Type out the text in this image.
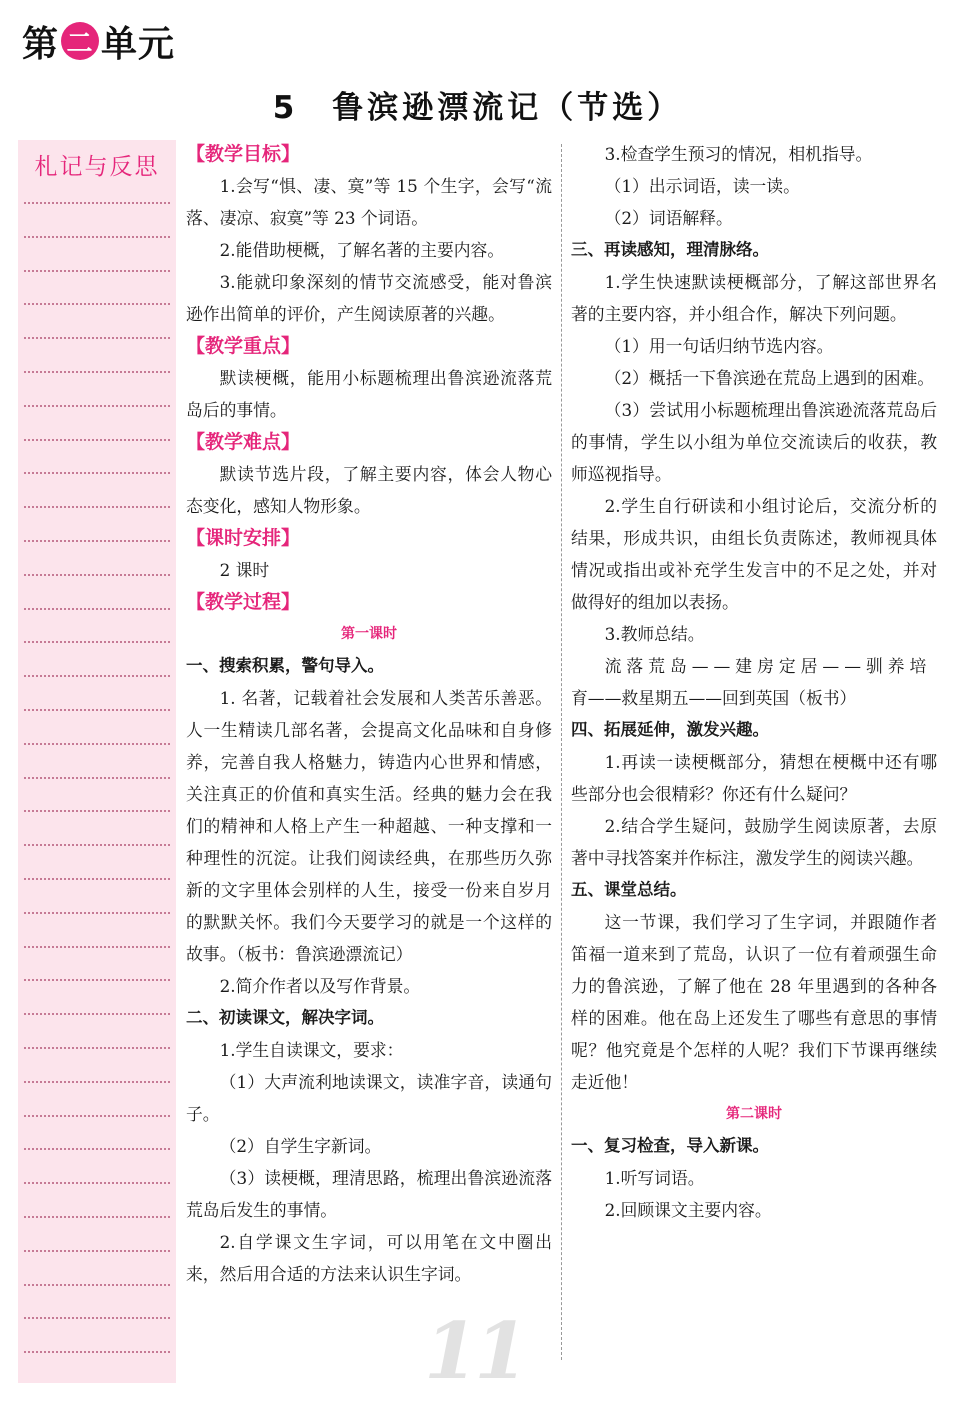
第 二 单元
5 鲁滨逊漂流记（节选）
札记与反思	【教学目标】

1.会写“惧、凄、寞”等 15 个生字，会写“流落、凄凉、寂寞”等 23 个词语。

2.能借助梗概，了解名著的主要内容。

3.能就印象深刻的情节交流感受，能对鲁滨逊作出简单的评价，产生阅读原著的兴趣。

【教学重点】

默读梗概，能用小标题梳理出鲁滨逊流落荒岛后的事情。

【教学难点】

默读节选片段，了解主要内容，体会人物心态变化，感知人物形象。

【课时安排】

2 课时

【教学过程】
第一课时
一、搜索积累，警句导入。

1. 名著，记载着社会发展和人类苦乐善恶。人一生精读几部名著，会提高文化品味和自身修养，完善自我人格魅力，铸造内心世界和情感，关注真正的价值和真实生活。经典的魅力会在我们的精神和人格上产生一种超越、一种支撑和一种理性的沉淀。让我们阅读经典，在那些历久弥新的文字里体会别样的人生，接受一份来自岁月的默默关怀。我们今天要学习的就是一个这样的故事。（板书：鲁滨逊漂流记）

2.简介作者以及写作背景。

二、初读课文，解决字词。

1.学生自读课文，要求：

（1）大声流利地读课文，读准字音，读通句子。

（2）自学生字新词。

（3）读梗概，理清思路，梳理出鲁滨逊流落荒岛后发生的事情。

2.自学课文生字词，可以用笔在文中圈出来，然后用合适的方法来认识生字词。

3.检查学生预习的情况，相机指导。

（1）出示词语，读一读。

（2）词语解释。

三、再读感知，理清脉络。

1.学生快速默读梗概部分，了解这部世界名著的主要内容，并小组合作，解决下列问题。

（1）用一句话归纳节选内容。

（2）概括一下鲁滨逊在荒岛上遇到的困难。

（3）尝试用小标题梳理出鲁滨逊流落荒岛后的事情，学生以小组为单位交流读后的收获，教师巡视指导。

2.学生自行研读和小组讨论后，交流分析的结果，形成共识，由组长负责陈述，教师视具体情况或指出或补充学生发言中的不足之处，并对做得好的组加以表扬。

3.教师总结。

流落荒岛——建房定居——驯养培

育——救星期五——回到英国（板书）

四、拓展延伸，激发兴趣。

1.再读一读梗概部分，猜想在梗概中还有哪些部分也会很精彩？你还有什么疑问？

2.结合学生疑问，鼓励学生阅读原著，去原著中寻找答案并作标注，激发学生的阅读兴趣。

五、课堂总结。

这一节课，我们学习了生字词，并跟随作者笛福一道来到了荒岛，认识了一位有着顽强生命力的鲁滨逊，了解了他在 28 年里遇到的各种各样的困难。他在岛上还发生了哪些有意思的事情呢？他究竟是个怎样的人呢？我们下节课再继续走近他！

第二课时
一、复习检查，导入新课。

1.听写词语。

2.回顾课文主要内容。

11
